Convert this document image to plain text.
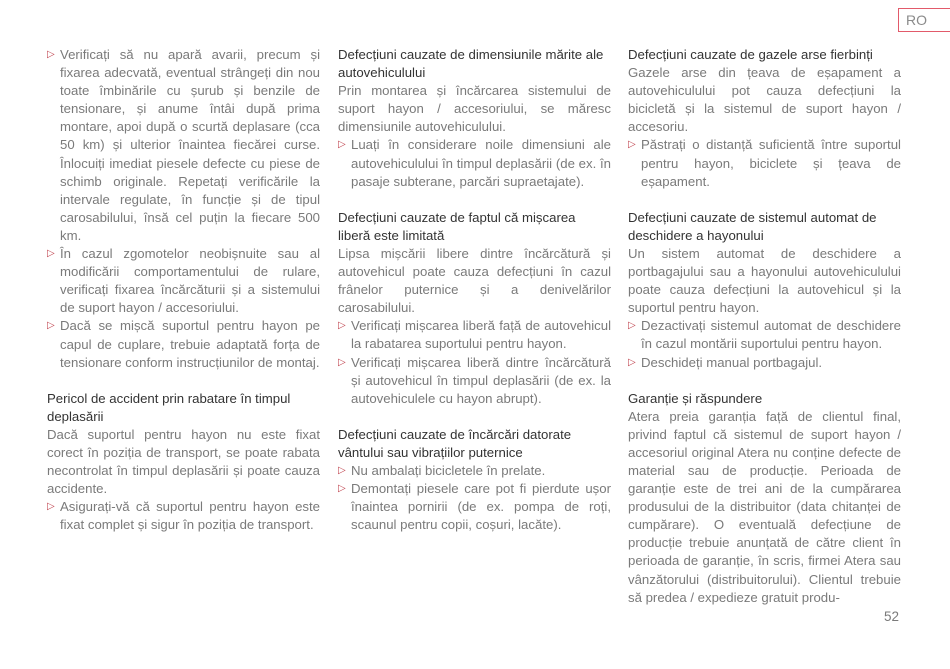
RO
▷ Verificați să nu apară avarii, precum și fixarea adecvată, eventual strângeți din nou toate îmbinările cu șurub și benzile de tensionare, și anume întâi după prima montare, apoi după o scurtă deplasare (cca 50 km) și ulterior înaintea fiecărei curse. Înlocuiți imediat piesele defecte cu piese de schimb originale. Repetați verificările la intervale regulate, în funcție și de tipul carosabilului, însă cel puțin la fiecare 500 km.
▷ În cazul zgomotelor neobișnuite sau al modificării comportamentului de rulare, verificați fixarea încărcăturii și a sistemului de suport hayon / accesoriului.
▷ Dacă se mișcă suportul pentru hayon pe capul de cuplare, trebuie adaptată forța de tensionare conform instrucțiunilor de montaj.
Pericol de accident prin rabatare în timpul deplasării

Dacă suportul pentru hayon nu este fixat corect în poziția de transport, se poate rabata necontrolat în timpul deplasării și poate cauza accidente.

▷ Asigurați-vă că suportul pentru hayon este fixat complet și sigur în poziția de transport.
Defecțiuni cauzate de dimensiunile mărite ale autovehiculului

Prin montarea și încărcarea sistemului de suport hayon / accesoriului, se măresc dimensiunile autovehiculului.

▷ Luați în considerare noile dimensiuni ale autovehiculului în timpul deplasării (de ex. în pasaje subterane, parcări supraetajate).
Defecțiuni cauzate de faptul că mișcarea liberă este limitată

Lipsa mișcării libere dintre încărcătură și autovehicul poate cauza defecțiuni în cazul frânelor puternice și a denivelărilor carosabilului.

▷ Verificați mișcarea liberă față de autovehicul la rabatarea suportului pentru hayon.
▷ Verificați mișcarea liberă dintre încărcătură și autovehicul în timpul deplasării (de ex. la autovehiculele cu hayon abrupt).
Defecțiuni cauzate de încărcări datorate vântului sau vibrațiilor puternice
▷ Nu ambalați bicicletele în prelate.
▷ Demontați piesele care pot fi pierdute ușor înaintea pornirii (de ex. pompa de roți, scaunul pentru copii, coșuri, lacăte).
Defecțiuni cauzate de gazele arse fierbinți

Gazele arse din țeava de eșapament a autovehiculului pot cauza defecțiuni la bicicletă și la sistemul de suport hayon / accesoriu.

▷ Păstrați o distanță suficientă între suportul pentru hayon, biciclete și țeava de eșapament.
Defecțiuni cauzate de sistemul automat de deschidere a hayonului

Un sistem automat de deschidere a portbagajului sau a hayonului autovehiculului poate cauza defecțiuni la autovehicul și la suportul pentru hayon.

▷ Dezactivați sistemul automat de deschidere în cazul montării suportului pentru hayon.
▷ Deschideți manual portbagajul.
Garanție și răspundere

Atera preia garanția față de clientul final, privind faptul că sistemul de suport hayon / accesoriul original Atera nu conține defecte de material sau de producție. Perioada de garanție este de trei ani de la cumpărarea produsului de la distribuitor (data chitanței de cumpărare). O eventuală defecțiune de producție trebuie anunțată de către client în perioada de garanție, în scris, firmei Atera sau vânzătorului (distribuitorului). Clientul trebuie să predea / expedieze gratuit produ-

52
